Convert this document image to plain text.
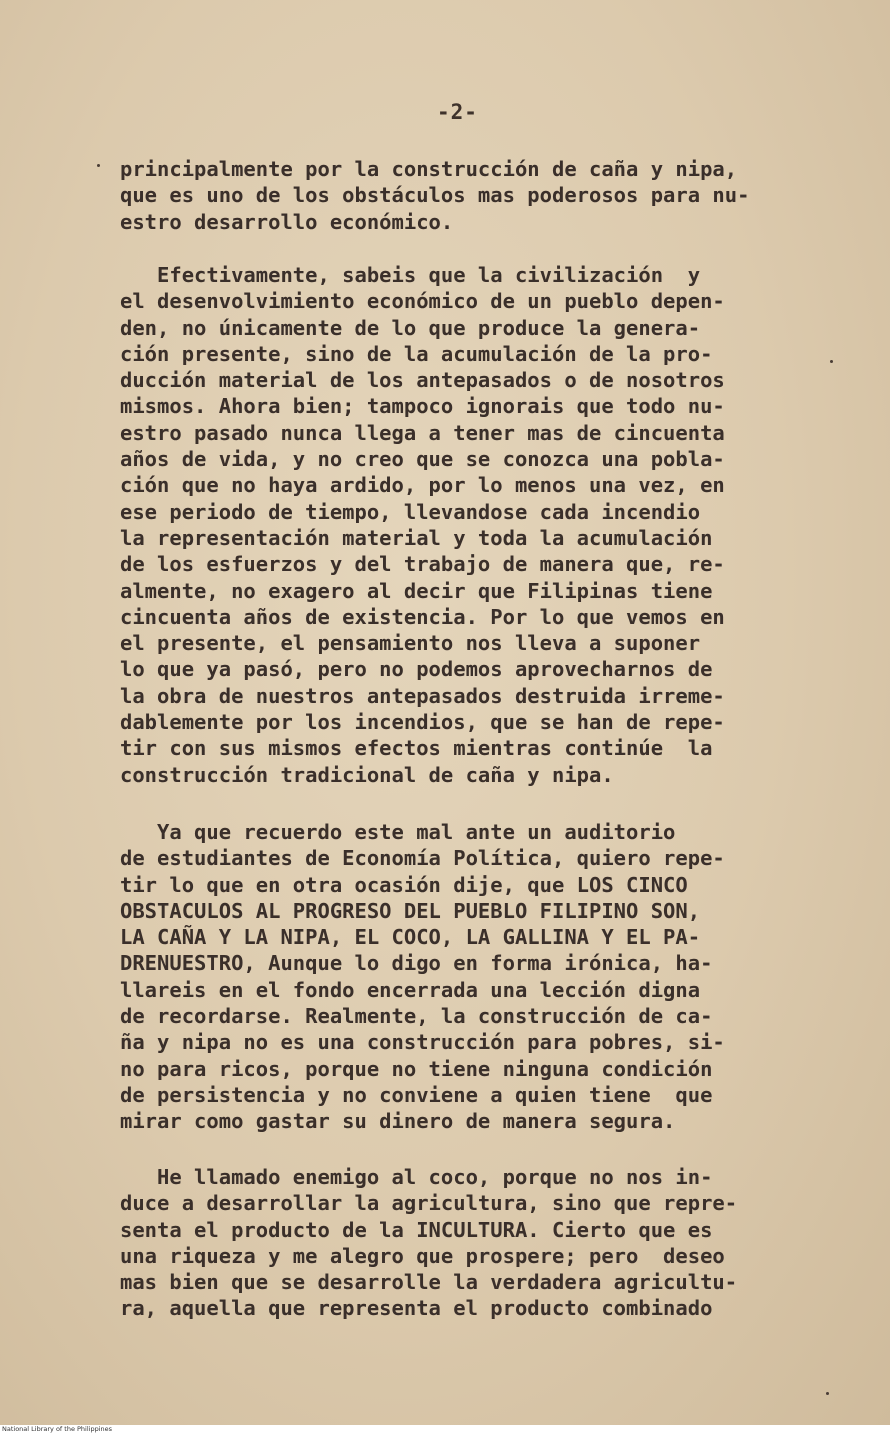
-2-

principalmente por la construcción de caña y nipa,
que es uno de los obstáculos mas poderosos para nu-
estro desarrollo económico.

Efectivamente, sabeis que la civilización  y
el desenvolvimiento económico de un pueblo depen-
den, no únicamente de lo que produce la genera-
ción presente, sino de la acumulación de la pro-
ducción material de los antepasados o de nosotros
mismos. Ahora bien; tampoco ignorais que todo nu-
estro pasado nunca llega a tener mas de cincuenta
años de vida, y no creo que se conozca una pobla-
ción que no haya ardido, por lo menos una vez, en
ese periodo de tiempo, llevandose cada incendio
la representación material y toda la acumulación
de los esfuerzos y del trabajo de manera que, re-
almente, no exagero al decir que Filipinas tiene
cincuenta años de existencia. Por lo que vemos en
el presente, el pensamiento nos lleva a suponer
lo que ya pasó, pero no podemos aprovecharnos de
la obra de nuestros antepasados destruida irreme-
dablemente por los incendios, que se han de repe-
tir con sus mismos efectos mientras continúe  la
construcción tradicional de caña y nipa.

Ya que recuerdo este mal ante un auditorio
de estudiantes de Economía Política, quiero repe-
tir lo que en otra ocasión dije, que LOS CINCO
OBSTACULOS AL PROGRESO DEL PUEBLO FILIPINO SON,
LA CAÑA Y LA NIPA, EL COCO, LA GALLINA Y EL PA-
DRENUESTRO, Aunque lo digo en forma irónica, ha-
llareis en el fondo encerrada una lección digna
de recordarse. Realmente, la construcción de ca-
ña y nipa no es una construcción para pobres, si-
no para ricos, porque no tiene ninguna condición
de persistencia y no conviene a quien tiene  que
mirar como gastar su dinero de manera segura.

He llamado enemigo al coco, porque no nos in-
duce a desarrollar la agricultura, sino que repre-
senta el producto de la INCULTURA. Cierto que es
una riqueza y me alegro que prospere; pero  deseo
mas bien que se desarrolle la verdadera agricultu-
ra, aquella que representa el producto combinado

National Library of the Philippines
